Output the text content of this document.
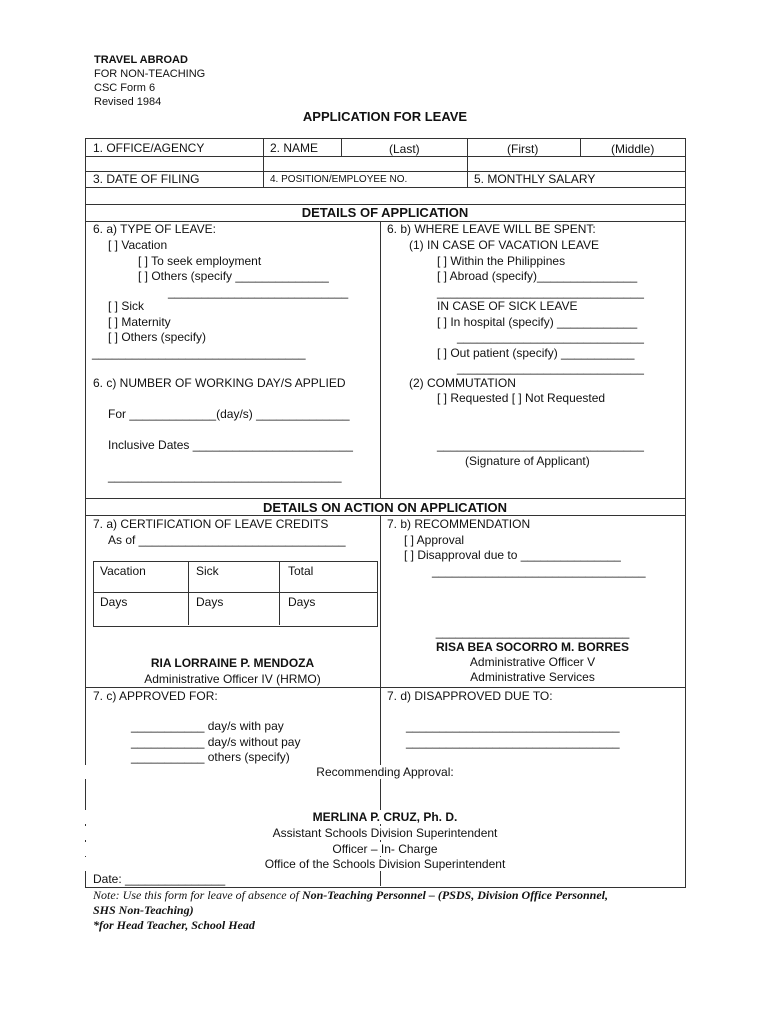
TRAVEL ABROAD
FOR NON-TEACHING
CSC Form 6
Revised 1984
APPLICATION FOR LEAVE
1. OFFICE/AGENCY	2. NAME	(Last)	(First)	(Middle)
3. DATE OF FILING	4. POSITION/EMPLOYEE NO.	5. MONTHLY SALARY
DETAILS OF APPLICATION
6. a) TYPE OF LEAVE:
[ ] Vacation
[ ] To seek employment
[ ] Others (specify ______________
___________________________
[ ] Sick
[ ] Maternity
[ ] Others (specify)
________________________________
6. b) WHERE LEAVE WILL BE SPENT:
(1) IN CASE OF VACATION LEAVE
[ ] Within the Philippines
[ ] Abroad (specify)_______________
_______________________________
IN CASE OF SICK LEAVE
[ ] In hospital (specify) ____________
____________________________
[ ] Out patient (specify) ___________
____________________________
6. c) NUMBER OF WORKING DAY/S APPLIED
For _____________(day/s) ______________
Inclusive Dates ________________________
___________________________________
(2) COMMUTATION
[ ] Requested [ ] Not Requested
_______________________________
(Signature of Applicant)
DETAILS ON ACTION ON APPLICATION
7. a) CERTIFICATION OF LEAVE CREDITS
As of _______________________________
Vacation	Sick	Total
Days	Days	Days
RIA LORRAINE P. MENDOZA
Administrative Officer IV (HRMO)
7. b) RECOMMENDATION
[ ] Approval
[ ] Disapproval due to _______________
________________________________
_____________________________
RISA BEA SOCORRO M. BORRES
Administrative Officer V
Administrative Services
7. c) APPROVED FOR:
___________ day/s with pay
___________ day/s without pay
___________ others (specify)
7. d) DISAPPROVED DUE TO:
________________________________
________________________________
Recommending Approval:
MERLINA P. CRUZ, Ph. D.
Assistant Schools Division Superintendent
Officer – In- Charge
Office of the Schools Division Superintendent
Date: _______________
Note: Use this form for leave of absence of Non-Teaching Personnel – (PSDS, Division Office Personnel,
SHS Non-Teaching)
*for Head Teacher, School Head
